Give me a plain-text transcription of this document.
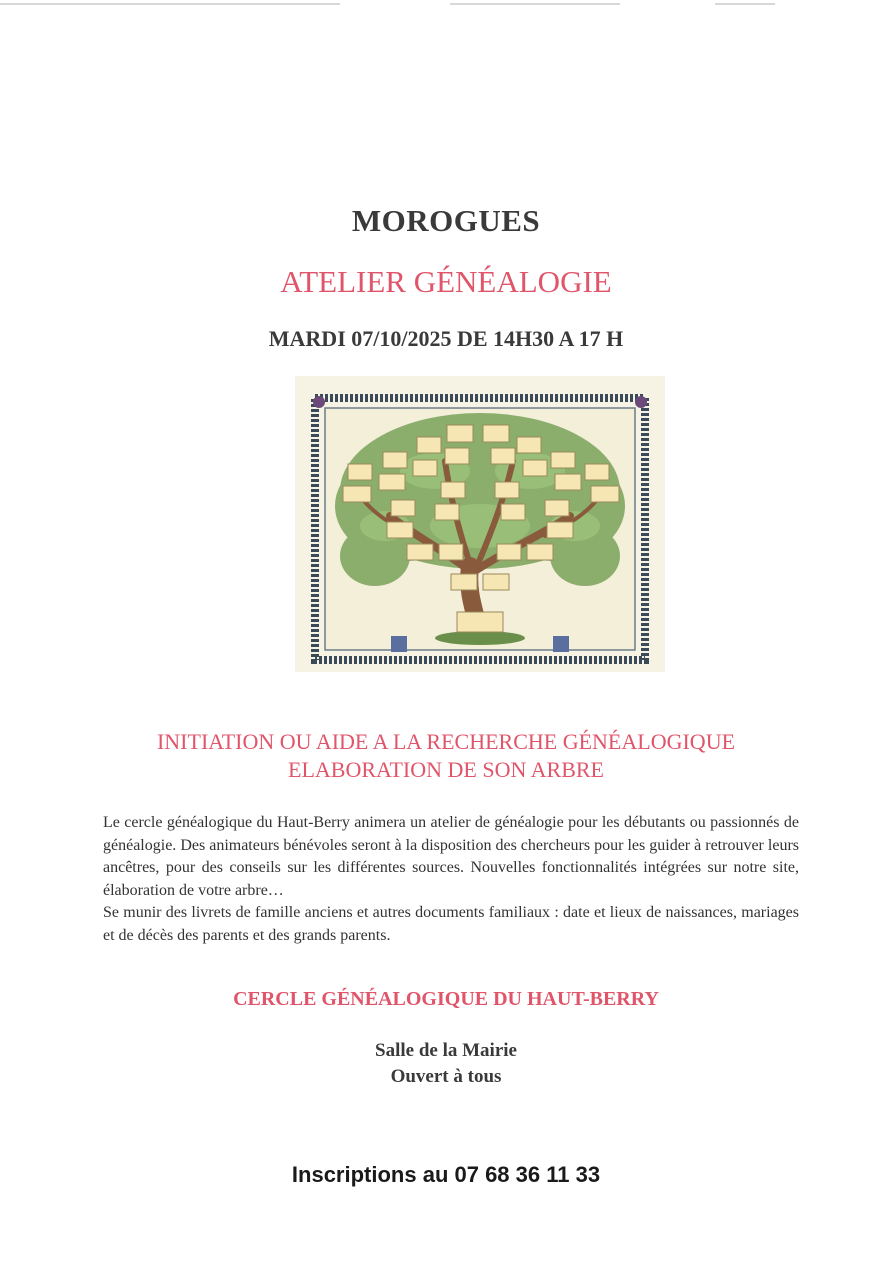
MOROGUES
ATELIER GÉNÉALOGIE
MARDI 07/10/2025 DE 14H30 A 17 H
INITIATION OU AIDE A LA RECHERCHE GÉNÉALOGIQUE
ELABORATION DE SON ARBRE

Le cercle généalogique du Haut-Berry animera un atelier de généalogie pour les débutants ou passionnés de généalogie. Des animateurs bénévoles seront à la disposition des chercheurs pour les guider à retrouver leurs ancêtres, pour des conseils sur les différentes sources. Nouvelles fonctionnalités intégrées sur notre site, élaboration de votre arbre…

Se munir des livrets de famille anciens et autres documents familiaux : date et lieux de naissances, mariages et de décès des parents et des grands parents.

CERCLE GÉNÉALOGIQUE DU HAUT-BERRY
Salle de la Mairie
Ouvert à tous
Inscriptions au 07 68 36 11 33
